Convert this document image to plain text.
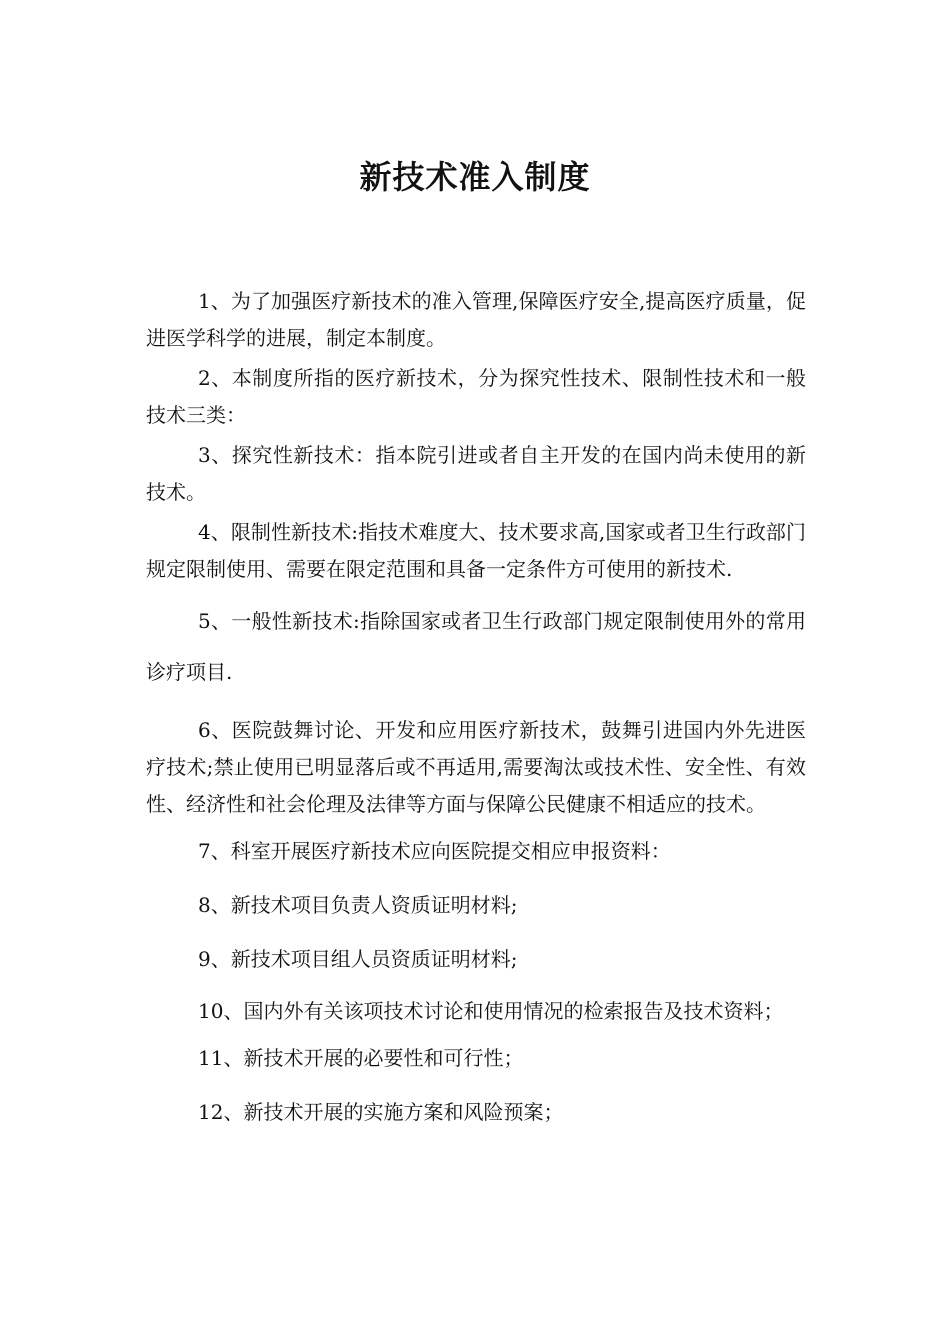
新技术准入制度

1、为了加强医疗新技术的准入管理,保障医疗安全,提高医疗质量，促进医学科学的进展，制定本制度。

2、本制度所指的医疗新技术，分为探究性技术、限制性技术和一般技术三类：

3、探究性新技术：指本院引进或者自主开发的在国内尚未使用的新技术。

4、限制性新技术:指技术难度大、技术要求高,国家或者卫生行政部门规定限制使用、需要在限定范围和具备一定条件方可使用的新技术.

5、一般性新技术:指除国家或者卫生行政部门规定限制使用外的常用诊疗项目.

6、医院鼓舞讨论、开发和应用医疗新技术，鼓舞引进国内外先进医疗技术;禁止使用已明显落后或不再适用,需要淘汰或技术性、安全性、有效性、经济性和社会伦理及法律等方面与保障公民健康不相适应的技术。

7、科室开展医疗新技术应向医院提交相应申报资料：

8、新技术项目负责人资质证明材料;

9、新技术项目组人员资质证明材料;

10、国内外有关该项技术讨论和使用情况的检索报告及技术资料；

11、新技术开展的必要性和可行性；

12、新技术开展的实施方案和风险预案；
